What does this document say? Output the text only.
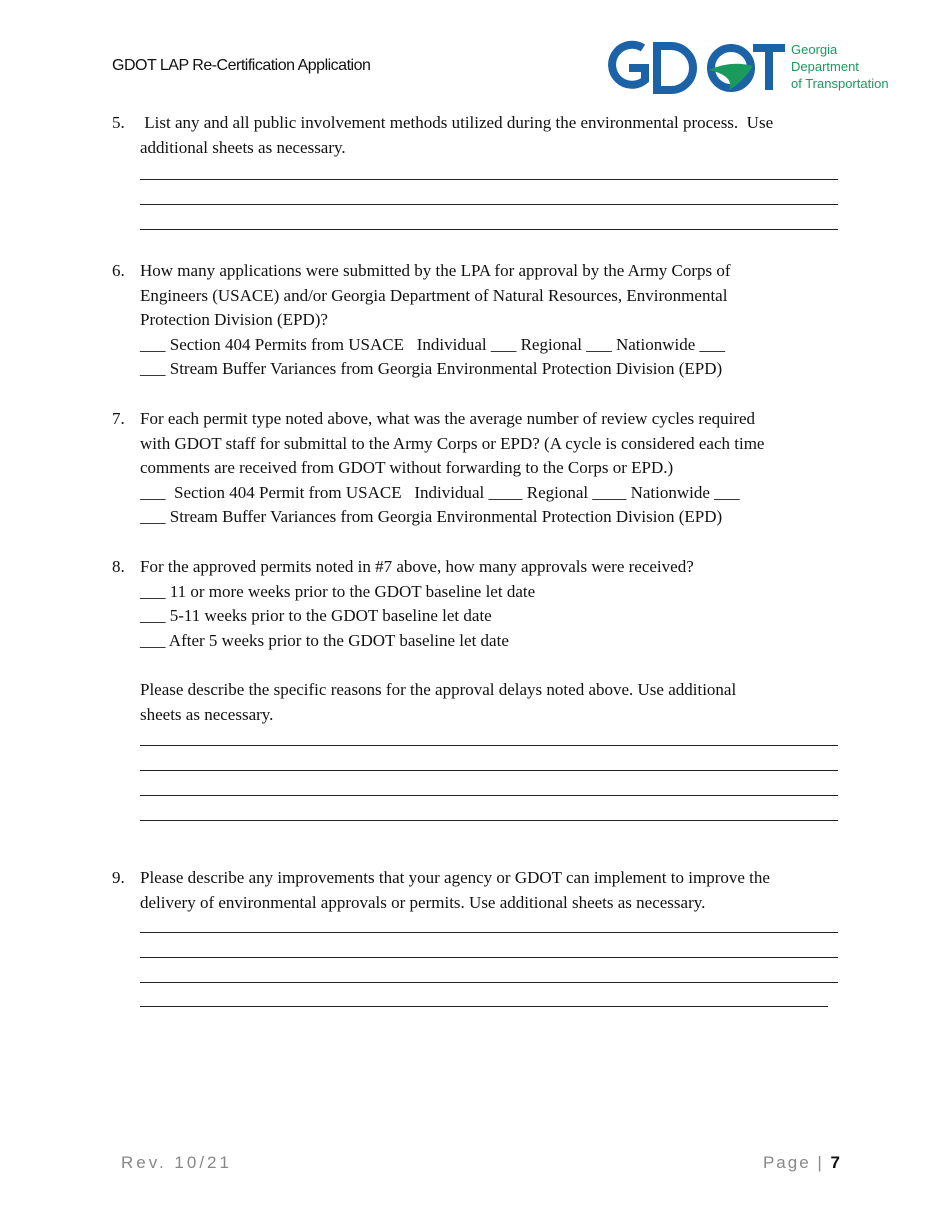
GDOT LAP Re-Certification Application
Georgia
Department
of Transportation
5. List any and all public involvement methods utilized during the environmental process.  Use
additional sheets as necessary.
6. How many applications were submitted by the LPA for approval by the Army Corps of
Engineers (USACE) and/or Georgia Department of Natural Resources, Environmental
Protection Division (EPD)?
___ Section 404 Permits from USACE   Individual ___ Regional ___ Nationwide ___
___ Stream Buffer Variances from Georgia Environmental Protection Division (EPD)
7. For each permit type noted above, what was the average number of review cycles required
with GDOT staff for submittal to the Army Corps or EPD? (A cycle is considered each time
comments are received from GDOT without forwarding to the Corps or EPD.)
___  Section 404 Permit from USACE   Individual ____ Regional ____ Nationwide ___
___ Stream Buffer Variances from Georgia Environmental Protection Division (EPD)
8. For the approved permits noted in #7 above, how many approvals were received?
___ 11 or more weeks prior to the GDOT baseline let date
___ 5-11 weeks prior to the GDOT baseline let date
___ After 5 weeks prior to the GDOT baseline let date
Please describe the specific reasons for the approval delays noted above. Use additional
sheets as necessary.
9. Please describe any improvements that your agency or GDOT can implement to improve the
delivery of environmental approvals or permits. Use additional sheets as necessary.
Rev. 10/21	Page | 7
